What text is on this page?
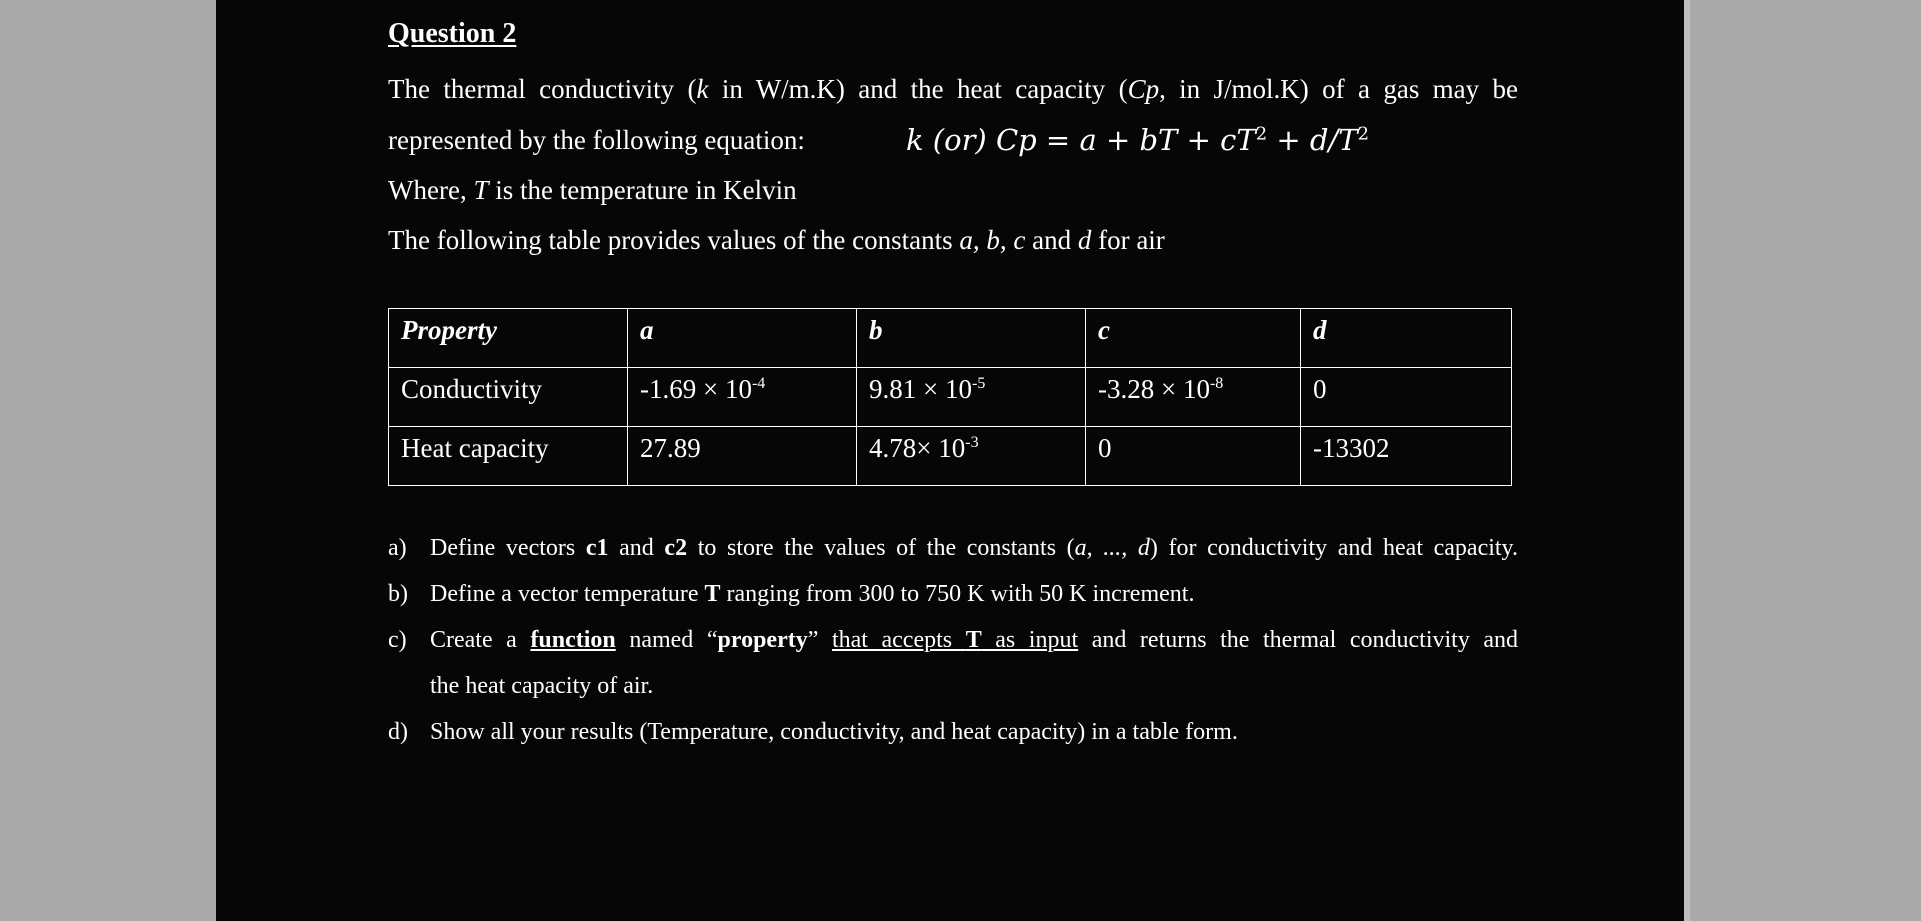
Question 2
The thermal conductivity (k in W/m.K) and the heat capacity (Cp, in J/mol.K) of a gas may be
represented by the following equation:	k (or) Cp = a + bT + $cT^2 + d/T^2$
Where, T is the temperature in Kelvin
The following table provides values of the constants a, b, c and d for air
Property	a	b	c	d
Conductivity	$-1.69 \times 10^{-4}$	$9.81 \times 10^{-5}$	$-3.28 \times 10^{-8}$	0
Heat capacity	27.89	$4.78\times 10^{-3}$	0	-13302
a) Define vectors c1 and c2 to store the values of the constants (a, ..., d) for conductivity and heat capacity.
b) Define a vector temperature T ranging from 300 to 750 K with 50 K increment.
c) Create a function named “property” that accepts T as input and returns the thermal conductivity and
the heat capacity of air.
d) Show all your results (Temperature, conductivity, and heat capacity) in a table form.
